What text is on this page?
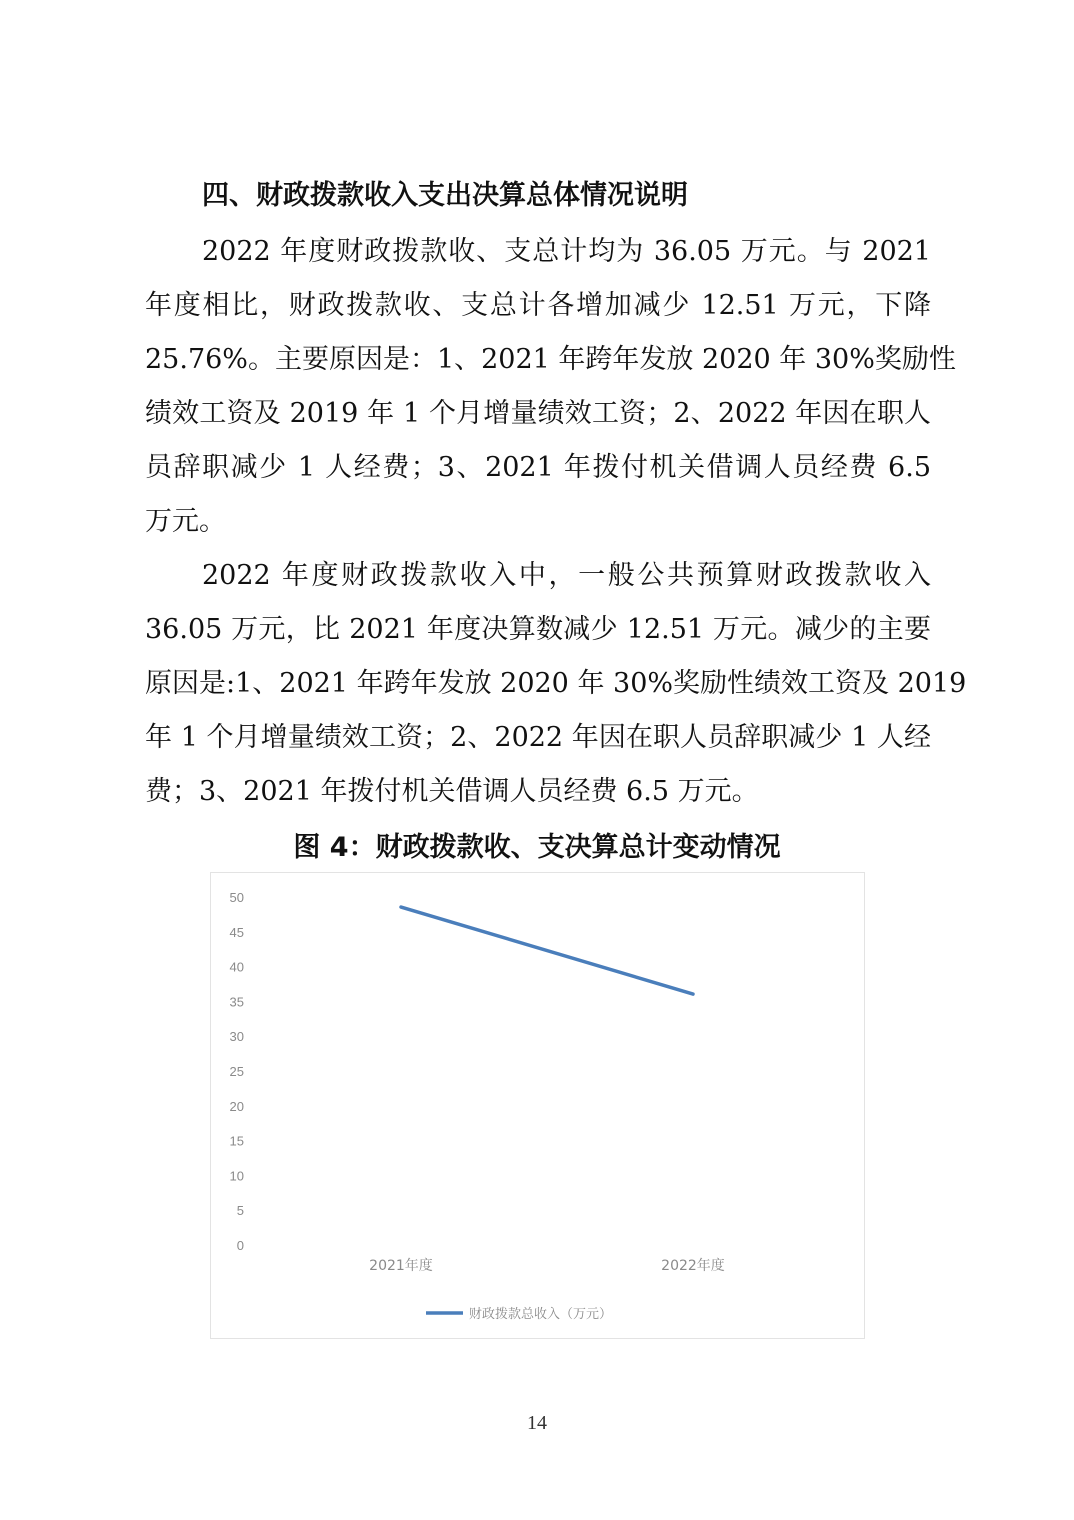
四、财政拨款收入支出决算总体情况说明
2022 年度财政拨款收、支总计均为 36.05 万元。与 2021
年度相比，财政拨款收、支总计各增加减少 12.51 万元，下降
25.76%。主要原因是：1、2021 年跨年发放 2020 年 30%奖励性
绩效工资及 2019 年 1 个月增量绩效工资；2、2022 年因在职人
员辞职减少 1 人经费；3、2021 年拨付机关借调人员经费 6.5
万元。
2022 年度财政拨款收入中，一般公共预算财政拨款收入
36.05 万元，比 2021 年度决算数减少 12.51 万元。减少的主要
原因是:1、2021 年跨年发放 2020 年 30%奖励性绩效工资及 2019
年 1 个月增量绩效工资；2、2022 年因在职人员辞职减少 1 人经
费；3、2021 年拨付机关借调人员经费 6.5 万元。
图 4：财政拨款收、支决算总计变动情况
0
5
10
15
20
25
30
35
40
45
50
2021年度	2022年度
财政拨款总收入（万元）
14
